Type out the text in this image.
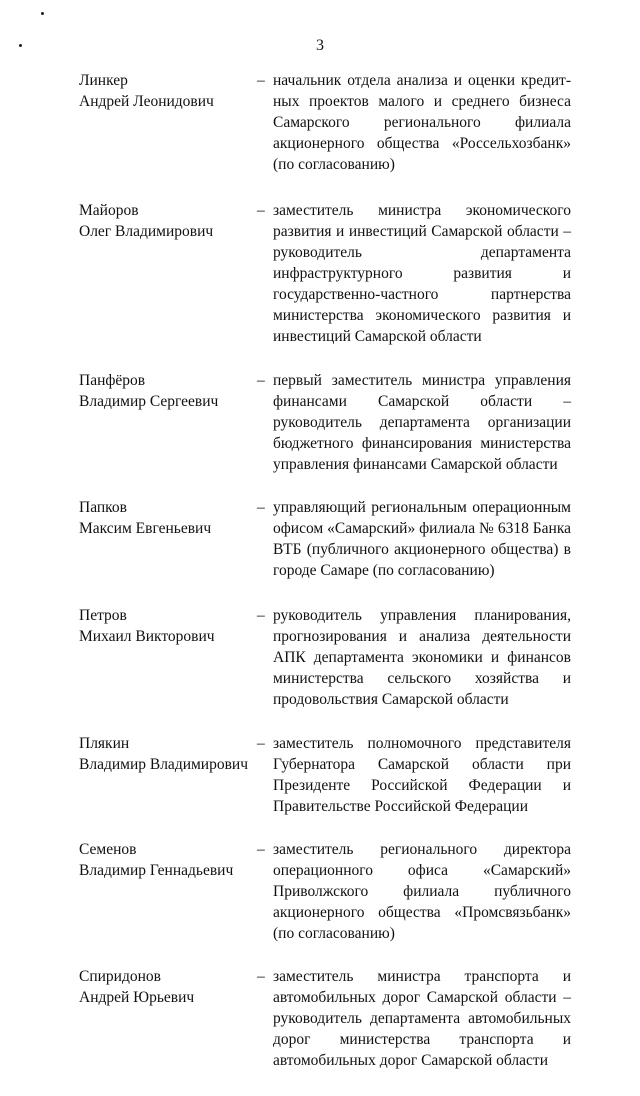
3
Линкер
Андрей Леонидович
– начальник отдела анализа и оценки кредитных проектов малого и среднего бизнеса Самарского регионального филиала акционерного общества «Россельхозбанк» (по согласованию)
Майоров
Олег Владимирович
– заместитель министра экономического развития и инвестиций Самарской области – руководитель департамента инфраструктурного развития и государственно-частного партнерства министерства экономического развития и инвестиций Самарской области
Панфёров
Владимир Сергеевич
– первый заместитель министра управления финансами Самарской области – руководитель департамента организации бюджетного финансирования министерства управления финансами Самарской области
Папков
Максим Евгеньевич
– управляющий региональным операционным офисом «Самарский» филиала № 6318 Банка ВТБ (публичного акционерного общества) в городе Самаре (по согласованию)
Петров
Михаил Викторович
– руководитель управления планирования, прогнозирования и анализа деятельности АПК департамента экономики и финансов министерства сельского хозяйства и продовольствия Самарской области
Плякин
Владимир Владимирович
– заместитель полномочного представителя Губернатора Самарской области при Президенте Российской Федерации и Правительстве Российской Федерации
Семенов
Владимир Геннадьевич
– заместитель регионального директора операционного офиса «Самарский» Приволжского филиала публичного акционерного общества «Промсвязьбанк» (по согласованию)
Спиридонов
Андрей Юрьевич
– заместитель министра транспорта и автомобильных дорог Самарской области – руководитель департамента автомобильных дорог министерства транспорта и автомобильных дорог Самарской области
